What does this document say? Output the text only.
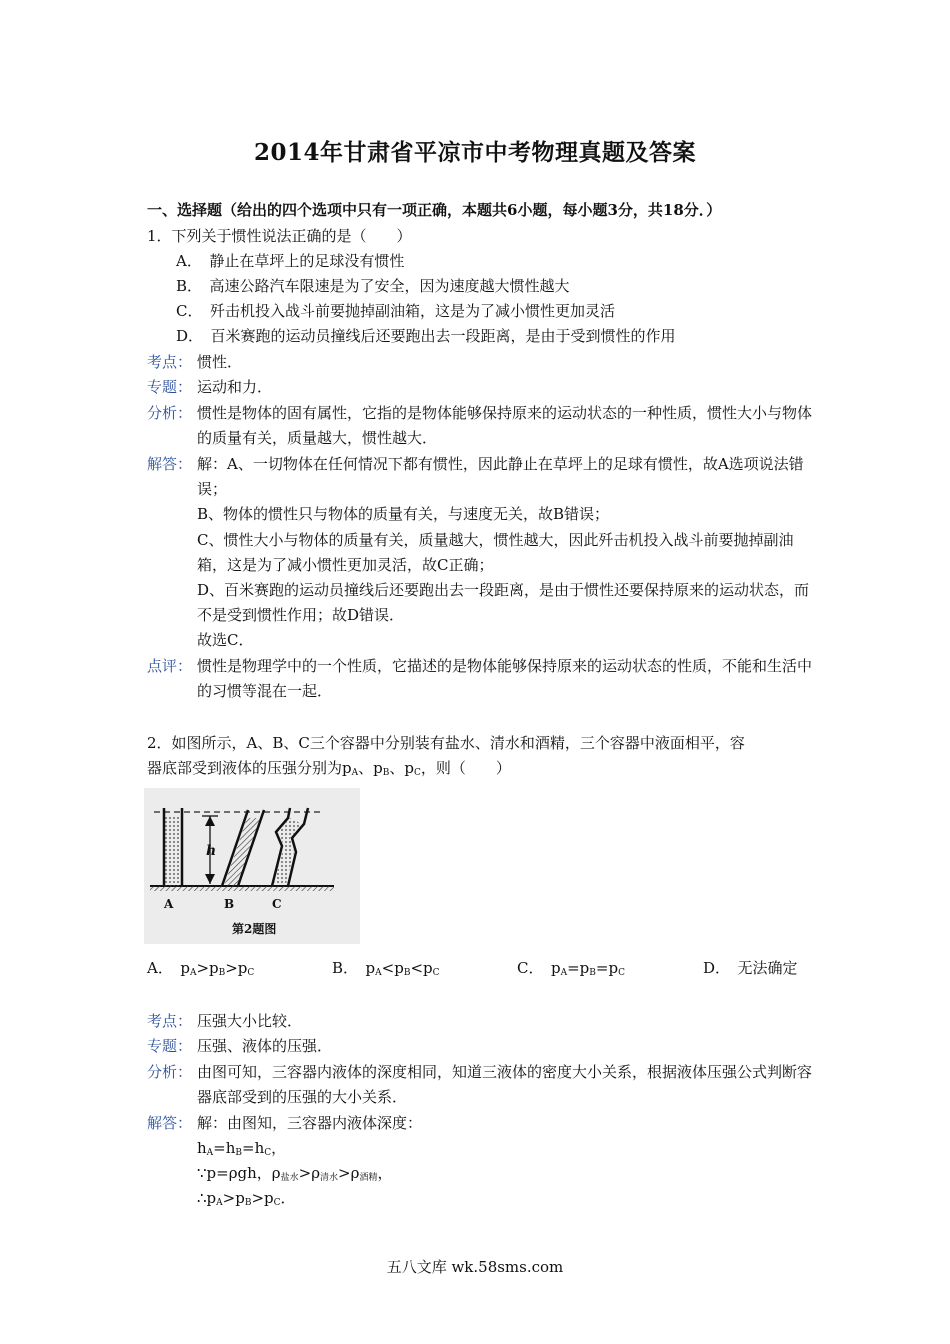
2014年甘肃省平凉市中考物理真题及答案
一、选择题（给出的四个选项中只有一项正确，本题共6小题，每小题3分，共18分．）
1．下列关于惯性说法正确的是（　　）
A．　静止在草坪上的足球没有惯性
B．　高速公路汽车限速是为了安全，因为速度越大惯性越大
C．　歼击机投入战斗前要抛掉副油箱，这是为了减小惯性更加灵活
D．　百米赛跑的运动员撞线后还要跑出去一段距离，是由于受到惯性的作用
考点： 惯性．
专题： 运动和力．
分析： 惯性是物体的固有属性，它指的是物体能够保持原来的运动状态的一种性质，惯性大小与物体
的质量有关，质量越大，惯性越大．
解答： 解：A、一切物体在任何情况下都有惯性，因此静止在草坪上的足球有惯性，故A选项说法错
误；
B、物体的惯性只与物体的质量有关，与速度无关，故B错误；
C、惯性大小与物体的质量有关，质量越大，惯性越大，因此歼击机投入战斗前要抛掉副油
箱，这是为了减小惯性更加灵活，故C正确；
D、百米赛跑的运动员撞线后还要跑出去一段距离，是由于惯性还要保持原来的运动状态，而
不是受到惯性作用；故D错误．
故选C．
点评： 惯性是物理学中的一个性质，它描述的是物体能够保持原来的运动状态的性质，不能和生活中
的习惯等混在一起．
2．如图所示，A、B、C三个容器中分别装有盐水、清水和酒精，三个容器中液面相平，容
器底部受到液体的压强分别为$p_A$、$p_B$、$p_C$，则（　　）
h
A	B	C
第2题图
A．　$p_A>p_B>p_C$	B．　$p_A<p_B<p_C$	C．　$p_A=p_B=p_C$	D．　无法确定
考点： 压强大小比较．
专题： 压强、液体的压强．
分析： 由图可知，三容器内液体的深度相同，知道三液体的密度大小关系，根据液体压强公式判断容
器底部受到的压强的大小关系．
解答： 解：由图知，三容器内液体深度：
$h_A=h_B=h_C$，
∵p=ρgh，$\rho_{盐水}>\rho_{清水}>\rho_{酒精}$，
$\therefore p_A>p_B>p_C$．
五八文库 wk.58sms.com
